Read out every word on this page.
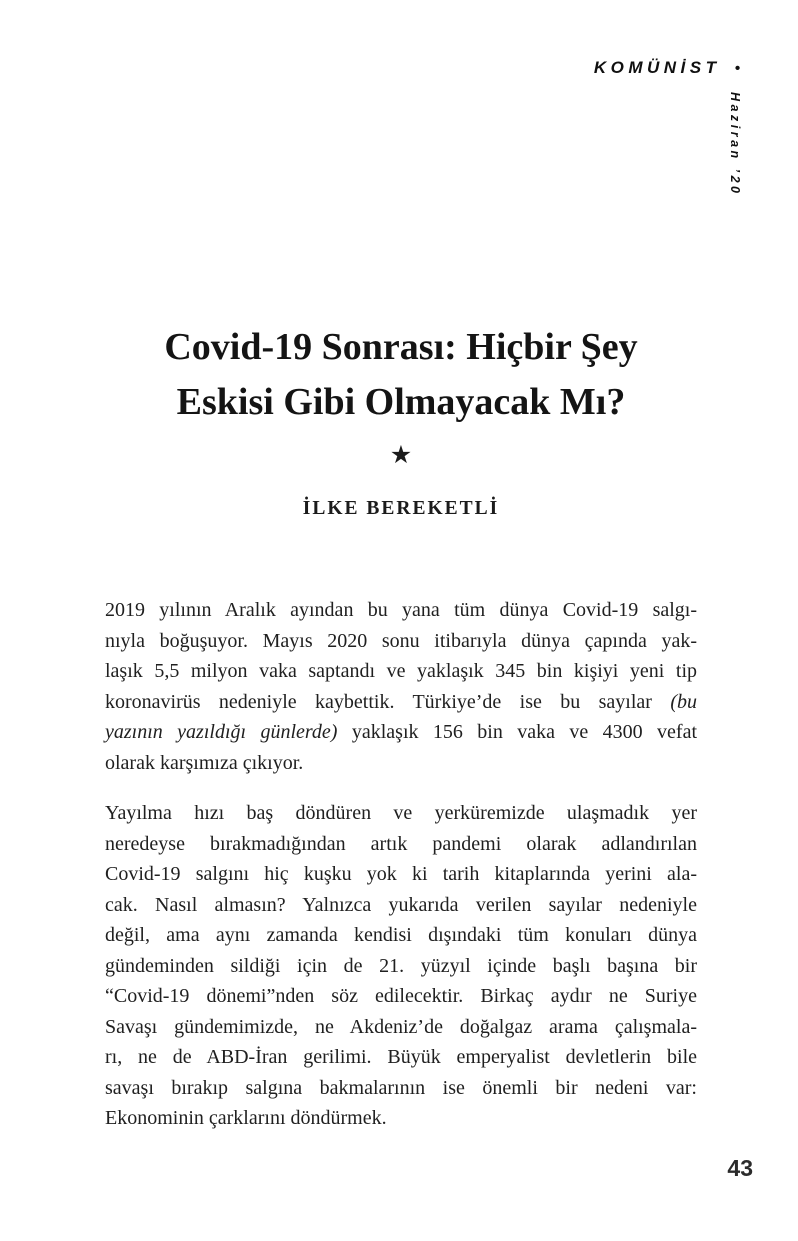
KOMÜNİST •
Haziran ’20
Covid-19 Sonrası: Hiçbir Şey
Eskisi Gibi Olmayacak Mı?
★
İLKE BEREKETLİ
2019 yılının Aralık ayından bu yana tüm dünya Covid-19 salgı-
nıyla boğuşuyor. Mayıs 2020 sonu itibarıyla dünya çapında yak-
laşık 5,5 milyon vaka saptandı ve yaklaşık 345 bin kişiyi yeni tip
koronavirüs nedeniyle kaybettik. Türkiye’de ise bu sayılar (bu
yazının yazıldığı günlerde) yaklaşık 156 bin vaka ve 4300 vefat
olarak karşımıza çıkıyor.
Yayılma hızı baş döndüren ve yerküremizde ulaşmadık yer
neredeyse bırakmadığından artık pandemi olarak adlandırılan
Covid-19 salgını hiç kuşku yok ki tarih kitaplarında yerini ala-
cak. Nasıl almasın? Yalnızca yukarıda verilen sayılar nedeniyle
değil, ama aynı zamanda kendisi dışındaki tüm konuları dünya
gündeminden sildiği için de 21. yüzyıl içinde başlı başına bir
“Covid-19 dönemi”nden söz edilecektir. Birkaç aydır ne Suriye
Savaşı gündemimizde, ne Akdeniz’de doğalgaz arama çalışmala-
rı, ne de ABD-İran gerilimi. Büyük emperyalist devletlerin bile
savaşı bırakıp salgına bakmalarının ise önemli bir nedeni var:
Ekonominin çarklarını döndürmek.
43
